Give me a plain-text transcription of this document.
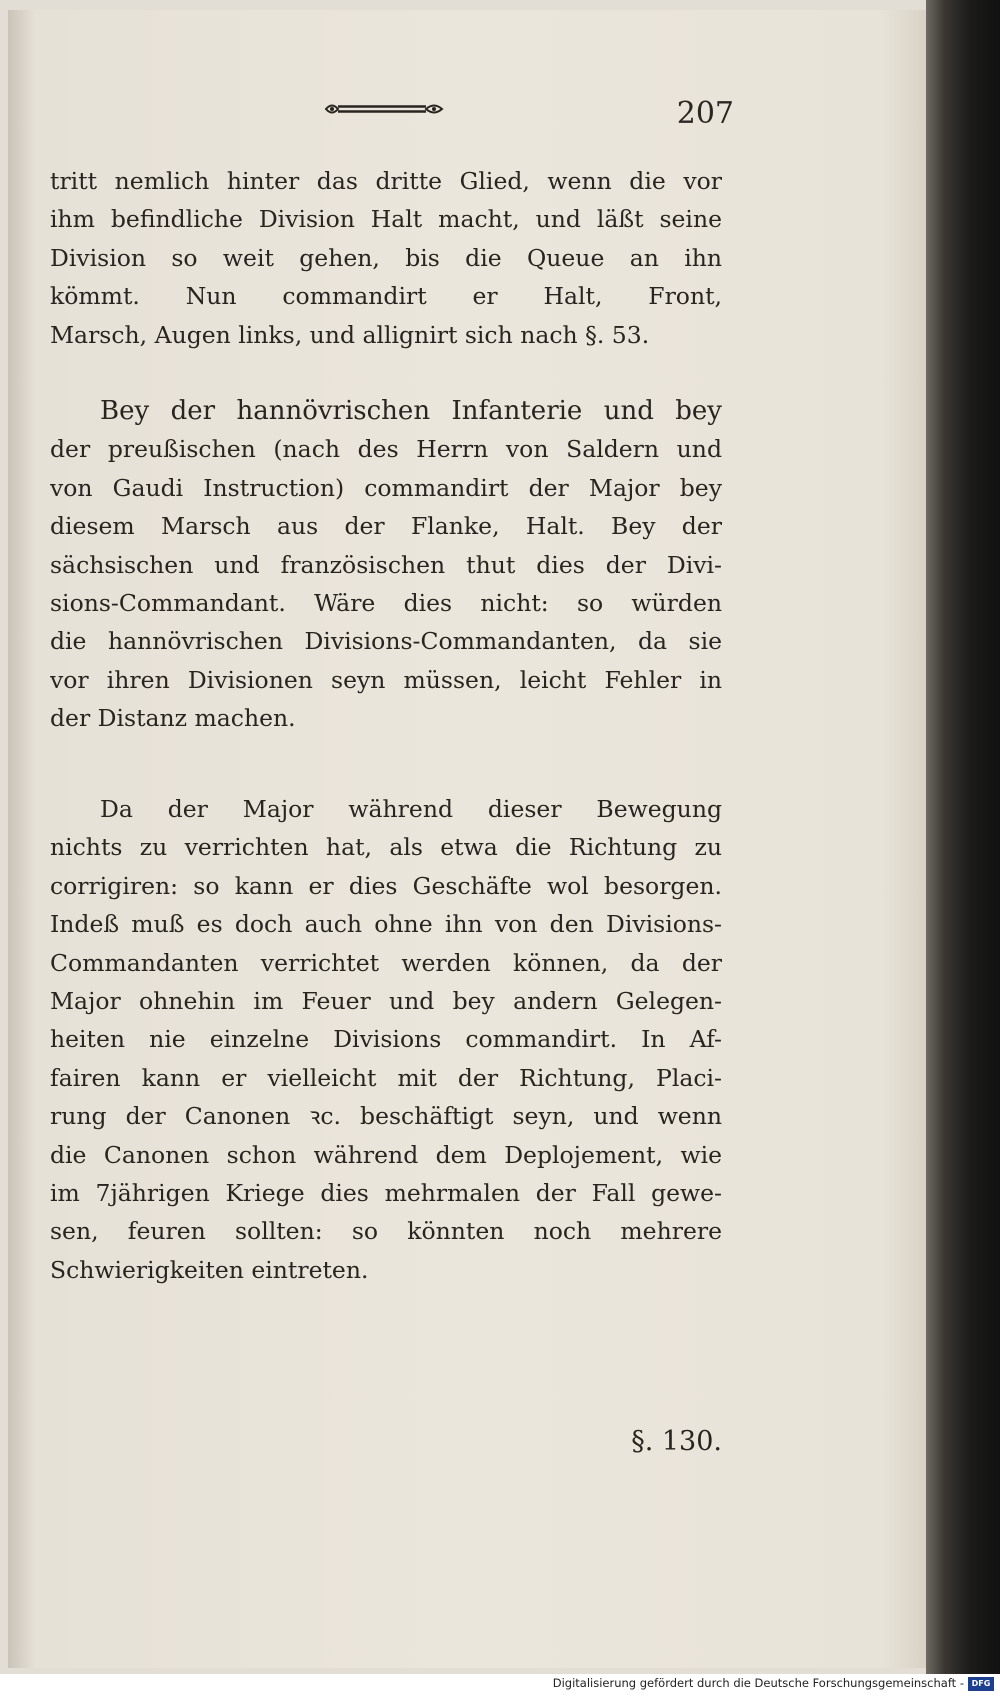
207
tritt nemlich hinter das dritte Glied, wenn die vor
ihm befindliche Division Halt macht, und läßt seine
Division so weit gehen, bis die Queue an ihn
kömmt. Nun commandirt er Halt, Front,
Marsch, Augen links, und allignirt sich nach §. 53.
Bey der hannövrischen Infanterie und bey
der preußischen (nach des Herrn von Saldern und
von Gaudi Instruction) commandirt der Major bey
diesem Marsch aus der Flanke, Halt. Bey der
sächsischen und französischen thut dies der Divi-
sions-Commandant. Wäre dies nicht: so würden
die hannövrischen Divisions-Commandanten, da sie
vor ihren Divisionen seyn müssen, leicht Fehler in
der Distanz machen.
Da der Major während dieser Bewegung
nichts zu verrichten hat, als etwa die Richtung zu
corrigiren: so kann er dies Geschäfte wol besorgen.
Indeß muß es doch auch ohne ihn von den Divisions-
Commandanten verrichtet werden können, da der
Major ohnehin im Feuer und bey andern Gelegen-
heiten nie einzelne Divisions commandirt. In Af-
fairen kann er vielleicht mit der Richtung, Placi-
rung der Canonen ꝛc. beschäftigt seyn, und wenn
die Canonen schon während dem Deplojement, wie
im 7jährigen Kriege dies mehrmalen der Fall gewe-
sen, feuren sollten: so könnten noch mehrere
Schwierigkeiten eintreten.
§. 130.
Digitalisierung gefördert durch die Deutsche Forschungsgemeinschaft - DFG
